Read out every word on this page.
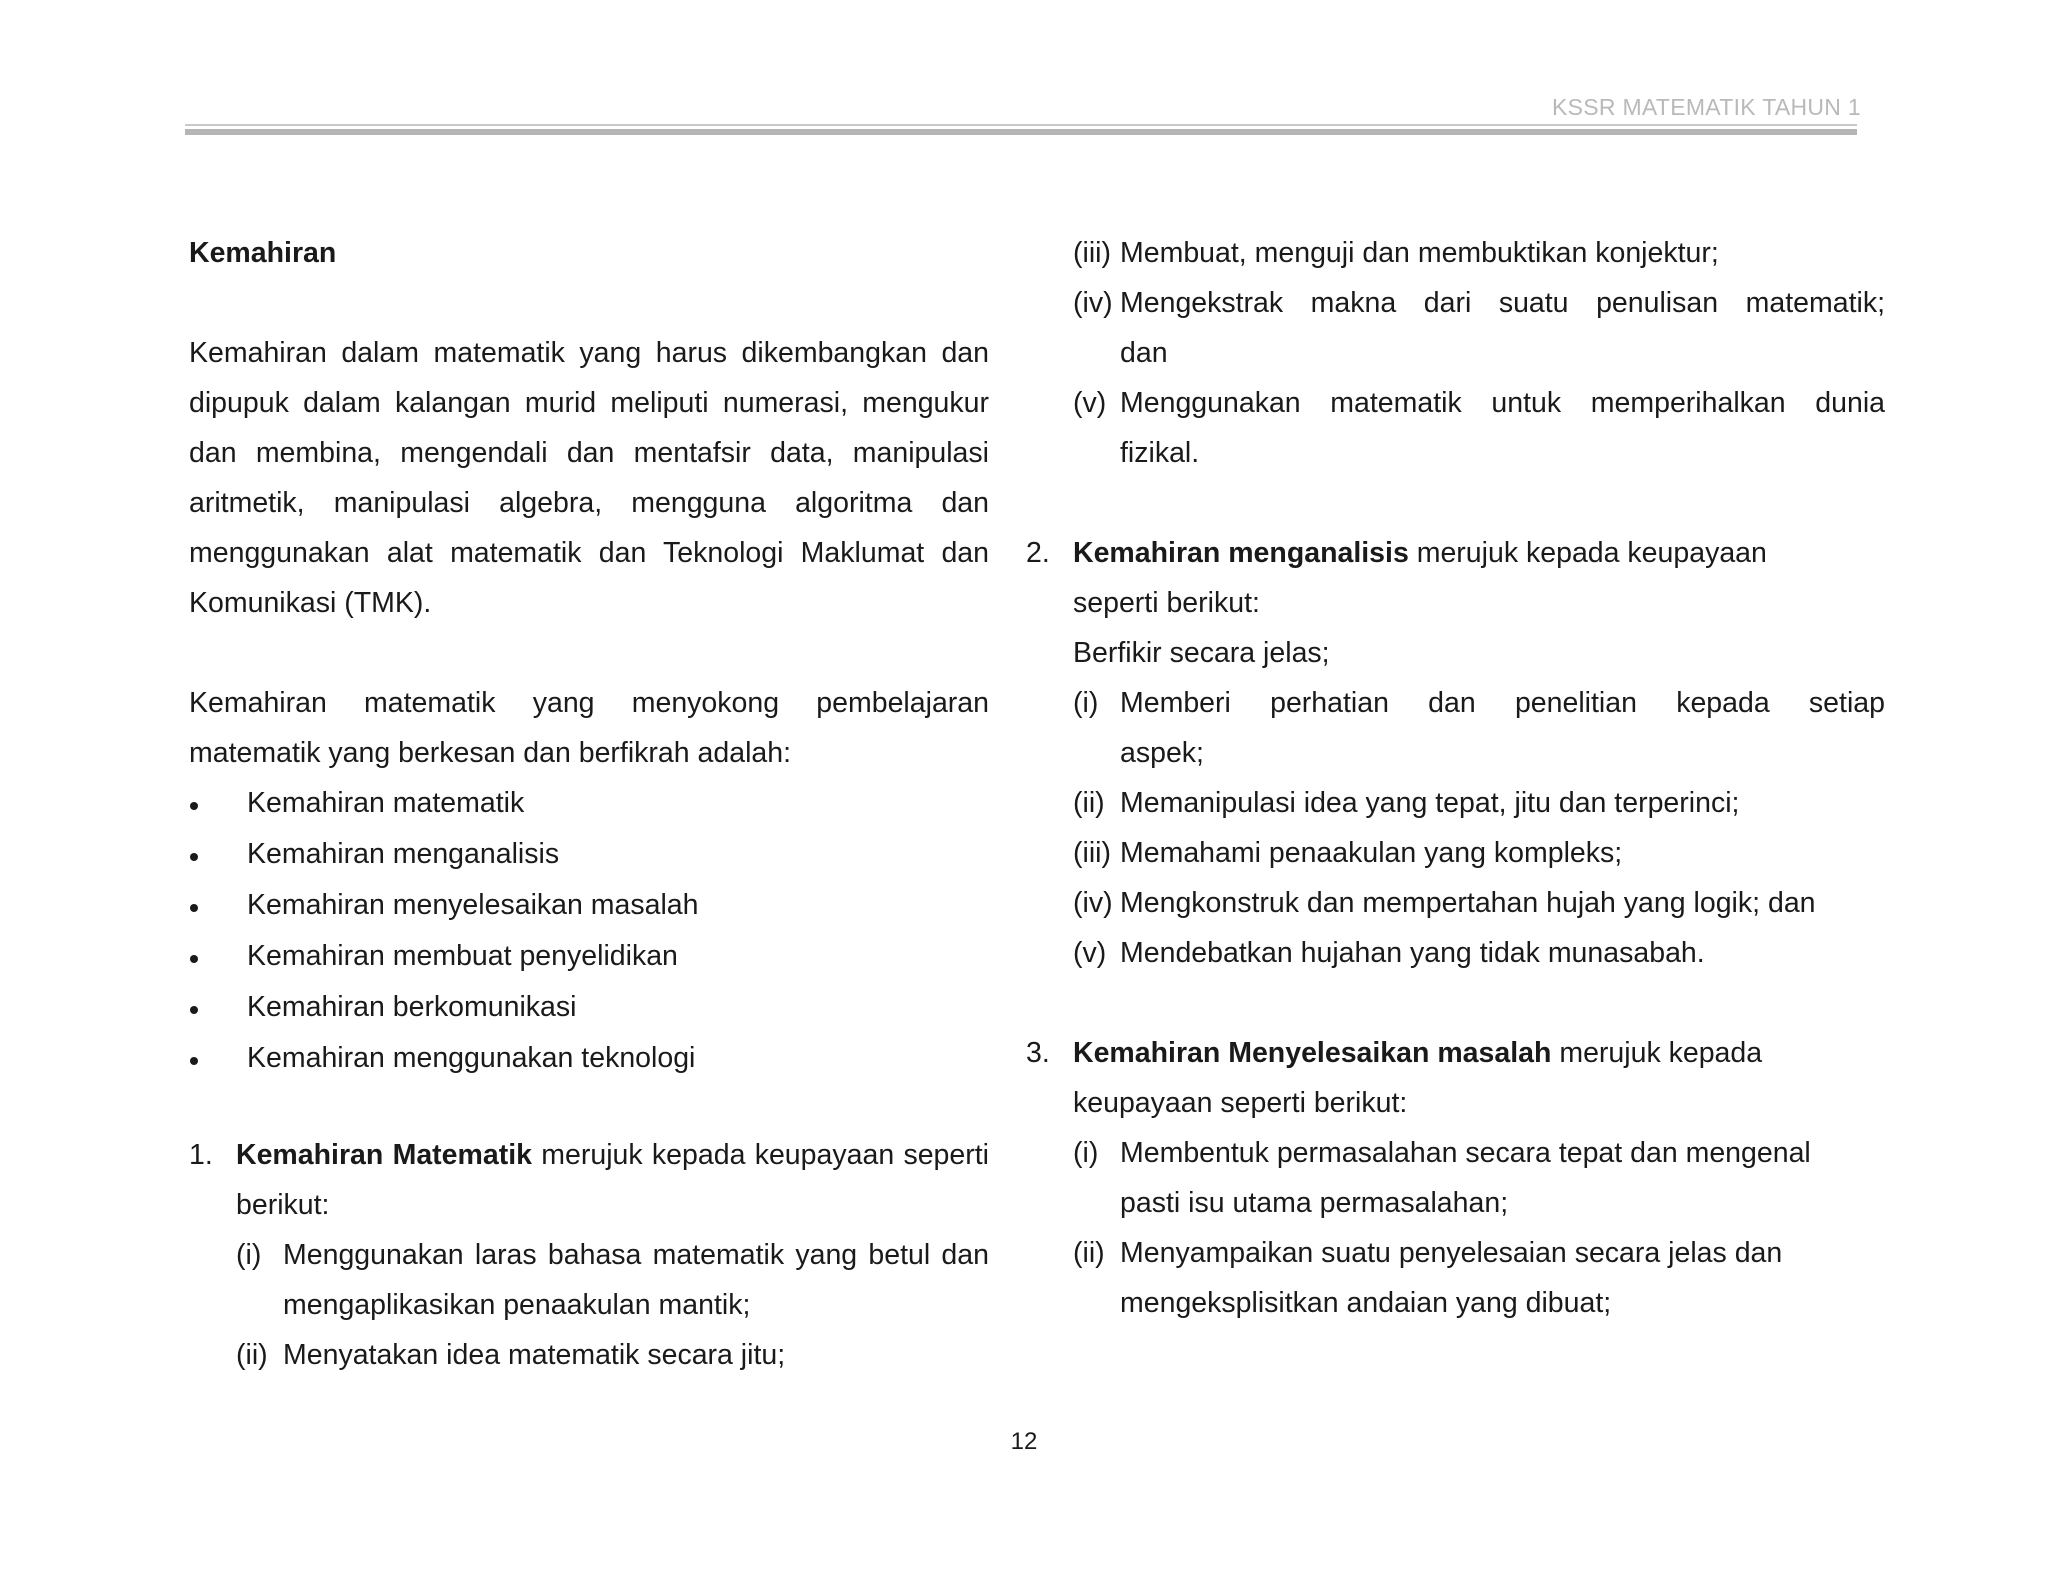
KSSR MATEMATIK TAHUN 1

Kemahiran

Kemahiran dalam matematik yang harus dikembangkan dan dipupuk dalam kalangan murid meliputi numerasi, mengukur dan membina, mengendali dan mentafsir data, manipulasi aritmetik, manipulasi algebra, mengguna algoritma dan menggunakan alat matematik dan Teknologi Maklumat dan

Komunikasi (TMK).

Kemahiran matematik yang menyokong pembelajaran

matematik yang berkesan dan berfikrah adalah:

Kemahiran matematik
Kemahiran menganalisis
Kemahiran menyelesaikan masalah
Kemahiran membuat penyelidikan
Kemahiran berkomunikasi
Kemahiran menggunakan teknologi
1. Kemahiran Matematik merujuk kepada keupayaan seperti

berikut:

(i) Menggunakan laras bahasa matematik yang betul dan

mengaplikasikan penaakulan mantik;

(ii) Menyatakan idea matematik secara jitu;

(iii) Membuat, menguji dan membuktikan konjektur;

(iv) Mengekstrak makna dari suatu penulisan matematik;

dan

(v) Menggunakan matematik untuk memperihalkan dunia

fizikal.

2. Kemahiran menganalisis merujuk kepada keupayaan

seperti berikut:

Berfikir secara jelas;

(i) Memberi perhatian dan penelitian kepada setiap

aspek;

(ii) Memanipulasi idea yang tepat, jitu dan terperinci;

(iii) Memahami penaakulan yang kompleks;

(iv) Mengkonstruk dan mempertahan hujah yang logik; dan

(v) Mendebatkan hujahan yang tidak munasabah.

3. Kemahiran Menyelesaikan masalah merujuk kepada

keupayaan seperti berikut:

(i) Membentuk permasalahan secara tepat dan mengenal

pasti isu utama permasalahan;

(ii) Menyampaikan suatu penyelesaian secara jelas dan

mengeksplisitkan andaian yang dibuat;

12
